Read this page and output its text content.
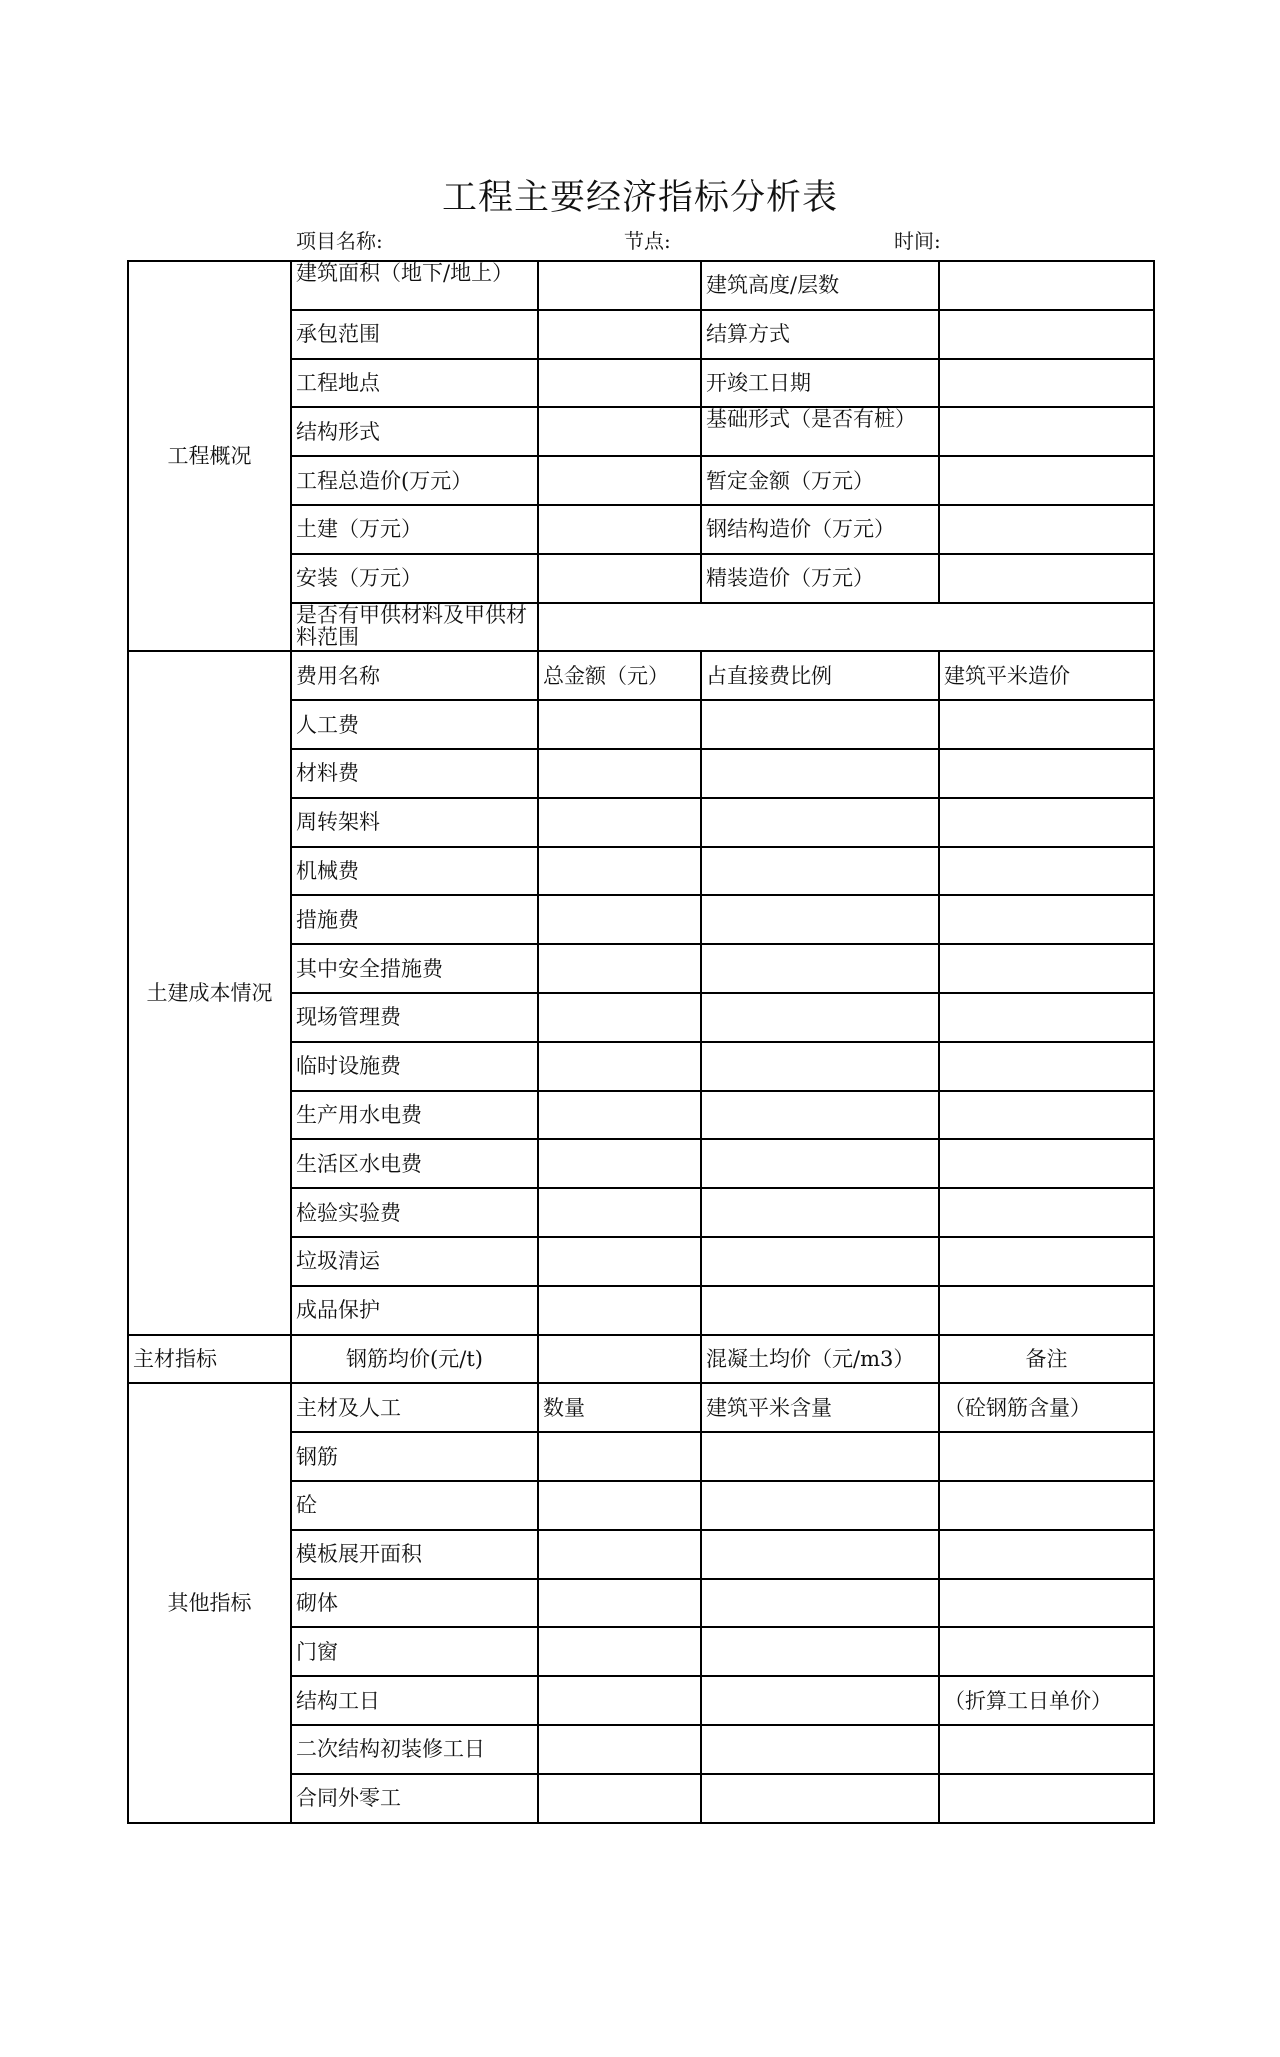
工程主要经济指标分析表
项目名称:	节点:	时间:
工程概况	建筑面积（地下/地上）		建筑高度/层数	
	承包范围		结算方式	
	工程地点		开竣工日期	
	结构形式		基础形式（是否有桩）	
	工程总造价(万元）		暂定金额（万元）	
	土建（万元）		钢结构造价（万元）	
	安装（万元）		精装造价（万元）	
	是否有甲供材料及甲供材料范围			
土建成本情况	费用名称	总金额（元）	占直接费比例	建筑平米造价
	人工费			
	材料费			
	周转架料			
	机械费			
	措施费			
	其中安全措施费			
	现场管理费			
	临时设施费			
	生产用水电费			
	生活区水电费			
	检验实验费			
	垃圾清运			
	成品保护			
主材指标	钢筋均价(元/t)		混凝土均价（元/m3）	备注
其他指标	主材及人工	数量	建筑平米含量	（砼钢筋含量）
	钢筋			
	砼			
	模板展开面积			
	砌体			
	门窗			
	结构工日			（折算工日单价）
	二次结构初装修工日			
	合同外零工			
